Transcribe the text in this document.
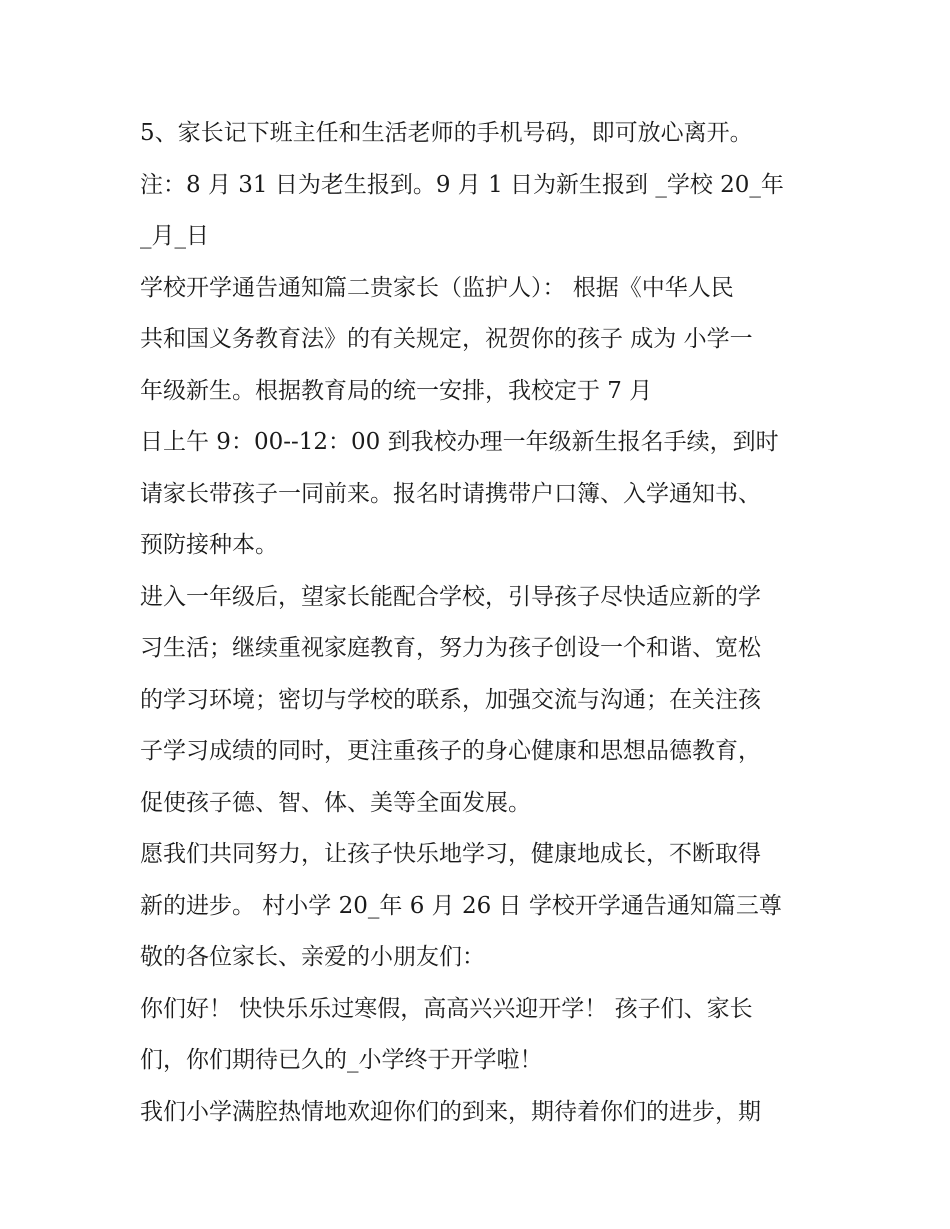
5、家长记下班主任和生活老师的手机号码，即可放心离开。
注：8 月 31 日为老生报到。9 月 1 日为新生报到 _学校 20_年
_月_日
学校开学通告通知篇二贵家长（监护人）： 根据《中华人民
共和国义务教育法》的有关规定，祝贺你的孩子 成为 小学一
年级新生。根据教育局的统一安排，我校定于 7 月
日上午 9：00--12：00 到我校办理一年级新生报名手续，到时
请家长带孩子一同前来。报名时请携带户口簿、入学通知书、
预防接种本。
进入一年级后，望家长能配合学校，引导孩子尽快适应新的学
习生活；继续重视家庭教育，努力为孩子创设一个和谐、宽松
的学习环境；密切与学校的联系，加强交流与沟通；在关注孩
子学习成绩的同时，更注重孩子的身心健康和思想品德教育，
促使孩子德、智、体、美等全面发展。
愿我们共同努力，让孩子快乐地学习，健康地成长，不断取得
新的进步。 村小学 20_年 6 月 26 日 学校开学通告通知篇三尊
敬的各位家长、亲爱的小朋友们：
你们好！ 快快乐乐过寒假，高高兴兴迎开学！ 孩子们、家长
们，你们期待已久的_小学终于开学啦！
我们小学满腔热情地欢迎你们的到来，期待着你们的进步，期
